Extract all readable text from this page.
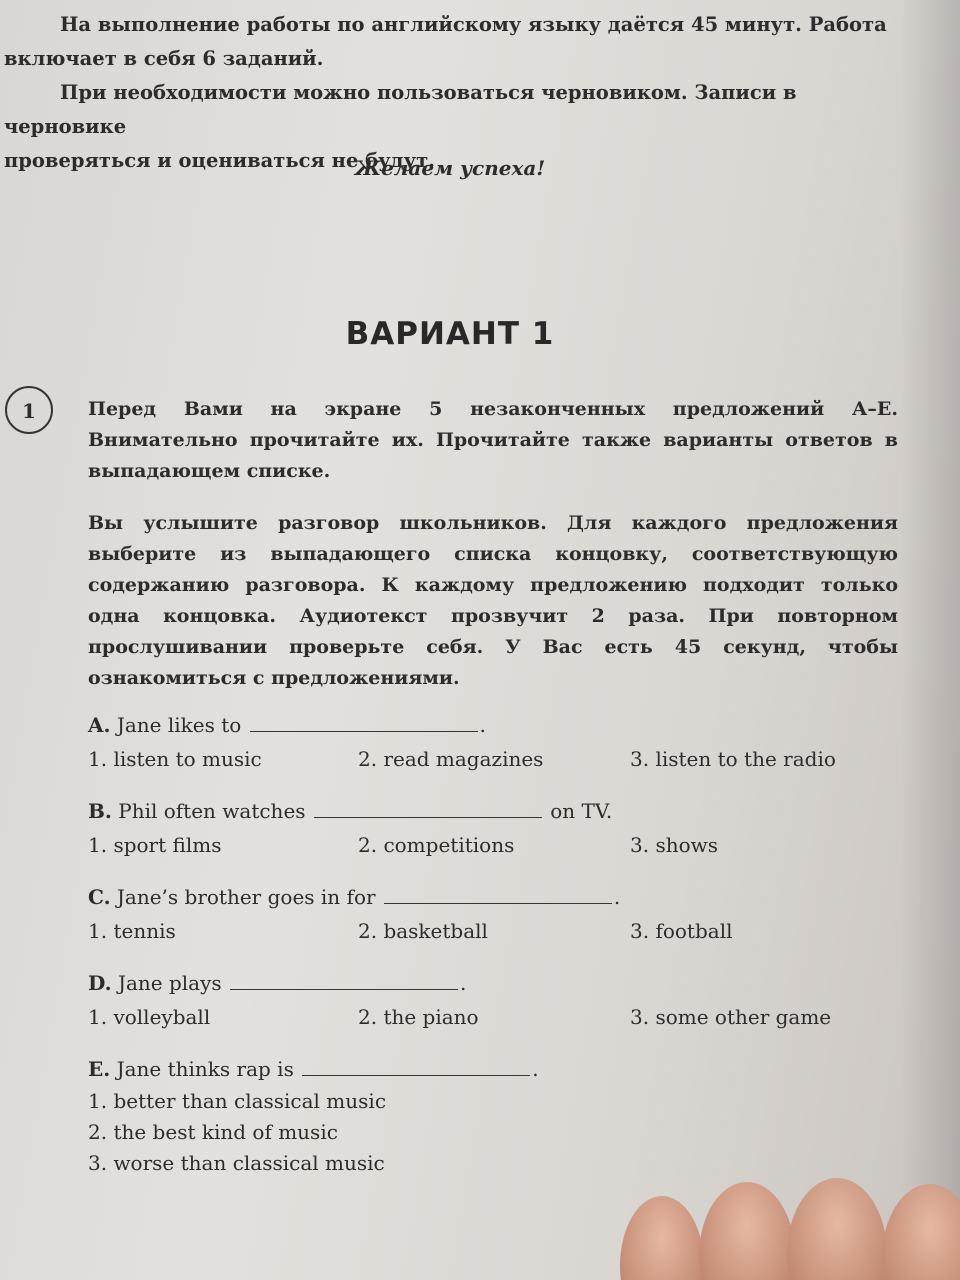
На выполнение работы по английскому языку даётся 45 минут. Работа

включает в себя 6 заданий.

При необходимости можно пользоваться черновиком. Записи в черновике

проверяться и оцениваться не будут.

Желаем успеха!
ВАРИАНТ 1
1	Перед Вами на экране 5 незаконченных предложений А–Е. Внимательно прочитайте их. Прочитайте также варианты ответов в выпадающем списке.

Вы услышите разговор школьников. Для каждого предложения выберите из выпадающего списка концовку, соответствующую содержанию разговора. К каждому предложению подходит только одна концовка. Аудиотекст прозвучит 2 раза. При повторном прослушивании проверьте себя. У Вас есть 45 секунд, чтобы ознакомиться с предложениями.

A. Jane likes to	.
1. listen to music	2. read magazines	3. listen to the radio
B. Phil often watches	on TV.
1. sport films	2. competitions	3. shows
C. Jane’s brother goes in for	.
1. tennis	2. basketball	3. football
D. Jane plays	.
1. volleyball	2. the piano	3. some other game
E. Jane thinks rap is	.
1. better than classical music
2. the best kind of music
3. worse than classical music
